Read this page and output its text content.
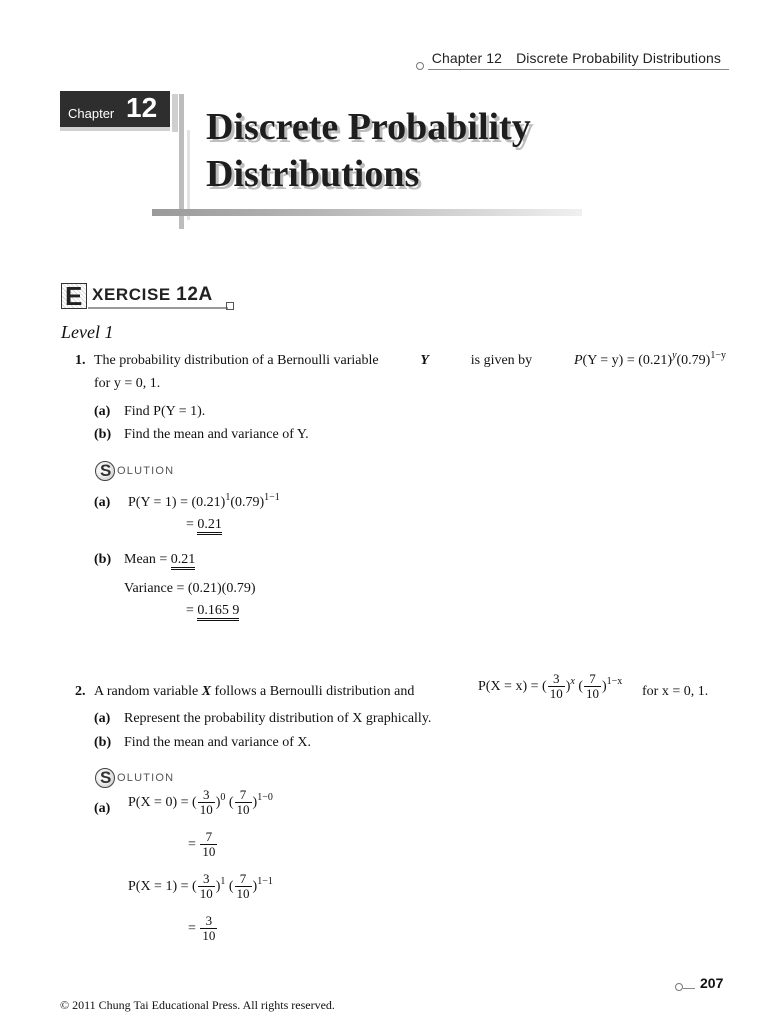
Chapter 12 Discrete Probability Distributions
Chapter 12 Discrete Probability
Distributions
E XERCISE 12A
Level 1
1. The probability distribution of a Bernoulli variable	Y	is given by	$P(Y = y) = (0.21)^y(0.79)^{1-y}$
for y = 0, 1.
(a) Find P(Y = 1).
(b) Find the mean and variance of Y.
S OLUTION
(a) $P(Y = 1) = (0.21)^1(0.79)^{1-1}$
= 0.21
(b) Mean = 0.21
Variance = (0.21)(0.79)
= 0.165 9
2. A random variable X follows a Bernoulli distribution and	P(X = x) = ( $\frac{3}{10} )^x$ ( $\frac{7}{10} )^{1-x}$
for x = 0, 1.
(a) Represent the probability distribution of X graphically.
(b) Find the mean and variance of X.
S OLUTION
(a) P(X = 0) = ( $\frac{3}{10} )^0$ ( $\frac{7}{10} )^{1-0}$
= $\frac{7}{10}$
P(X = 1) = ( $\frac{3}{10} )^1$ ( $\frac{7}{10} )^{1-1}$
= $\frac{3}{10}$
207
© 2011 Chung Tai Educational Press. All rights reserved.
